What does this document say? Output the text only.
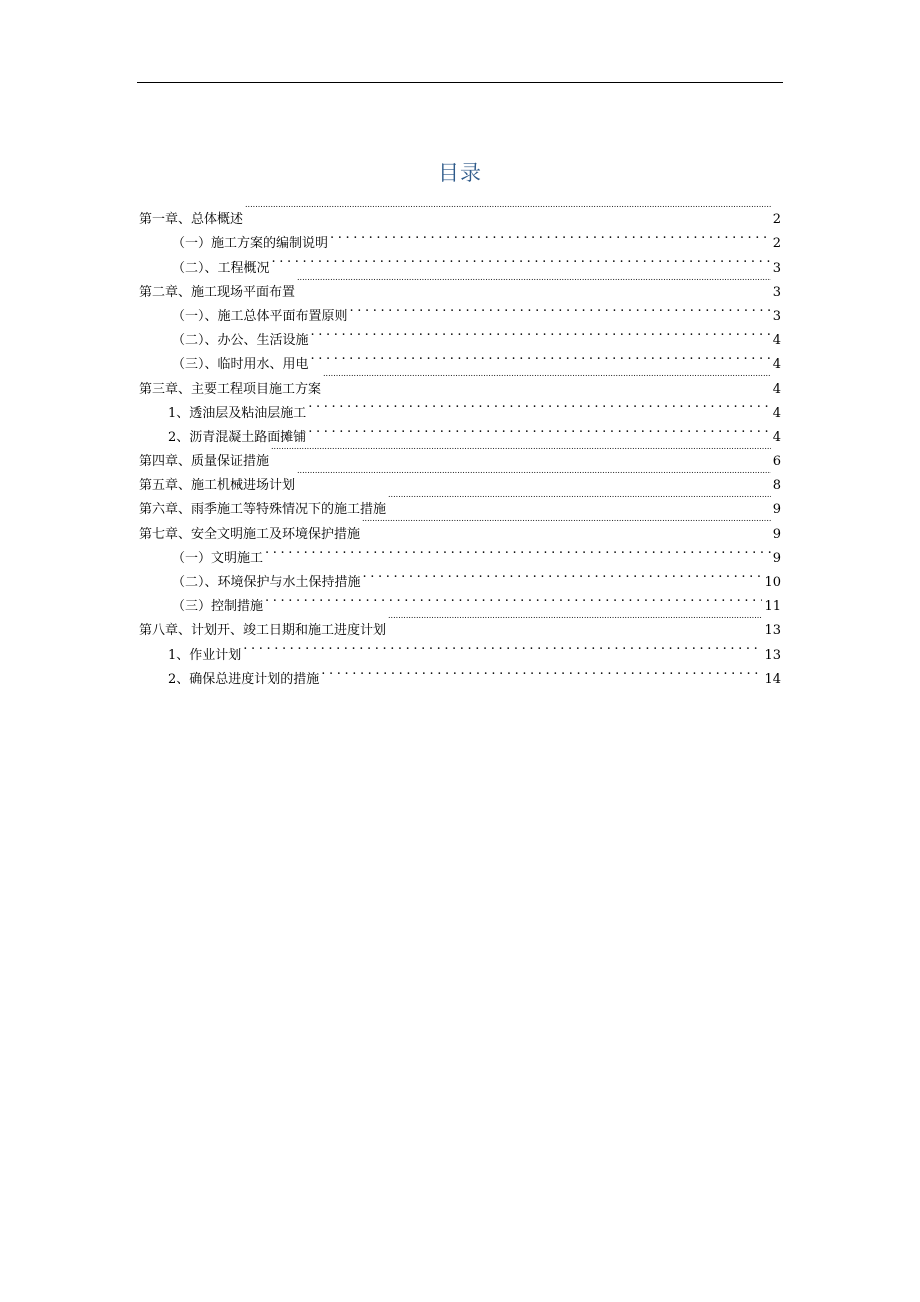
目录
第一章、总体概述 .....	2
（一）施工方案的编制说明 .....	2
（二）、工程概况 .....	3
第二章、施工现场平面布置 .....	3
（一）、施工总体平面布置原则 .....	3
（二）、办公、生活设施 .....	4
（三）、临时用水、用电 .....	4
第三章、主要工程项目施工方案 .....	4
1、透油层及粘油层施工 .....	4
2、沥青混凝土路面摊铺 .....	4
第四章、质量保证措施 .....	6
第五章、施工机械进场计划 .....	8
第六章、雨季施工等特殊情况下的施工措施 .....	9
第七章、安全文明施工及环境保护措施 .....	9
（一）文明施工 .....	9
（二）、环境保护与水土保持措施 .....	10
（三）控制措施 .....	11
第八章、计划开、竣工日期和施工进度计划 .....	13
1、作业计划 .....	13
2、确保总进度计划的措施 .....	14
